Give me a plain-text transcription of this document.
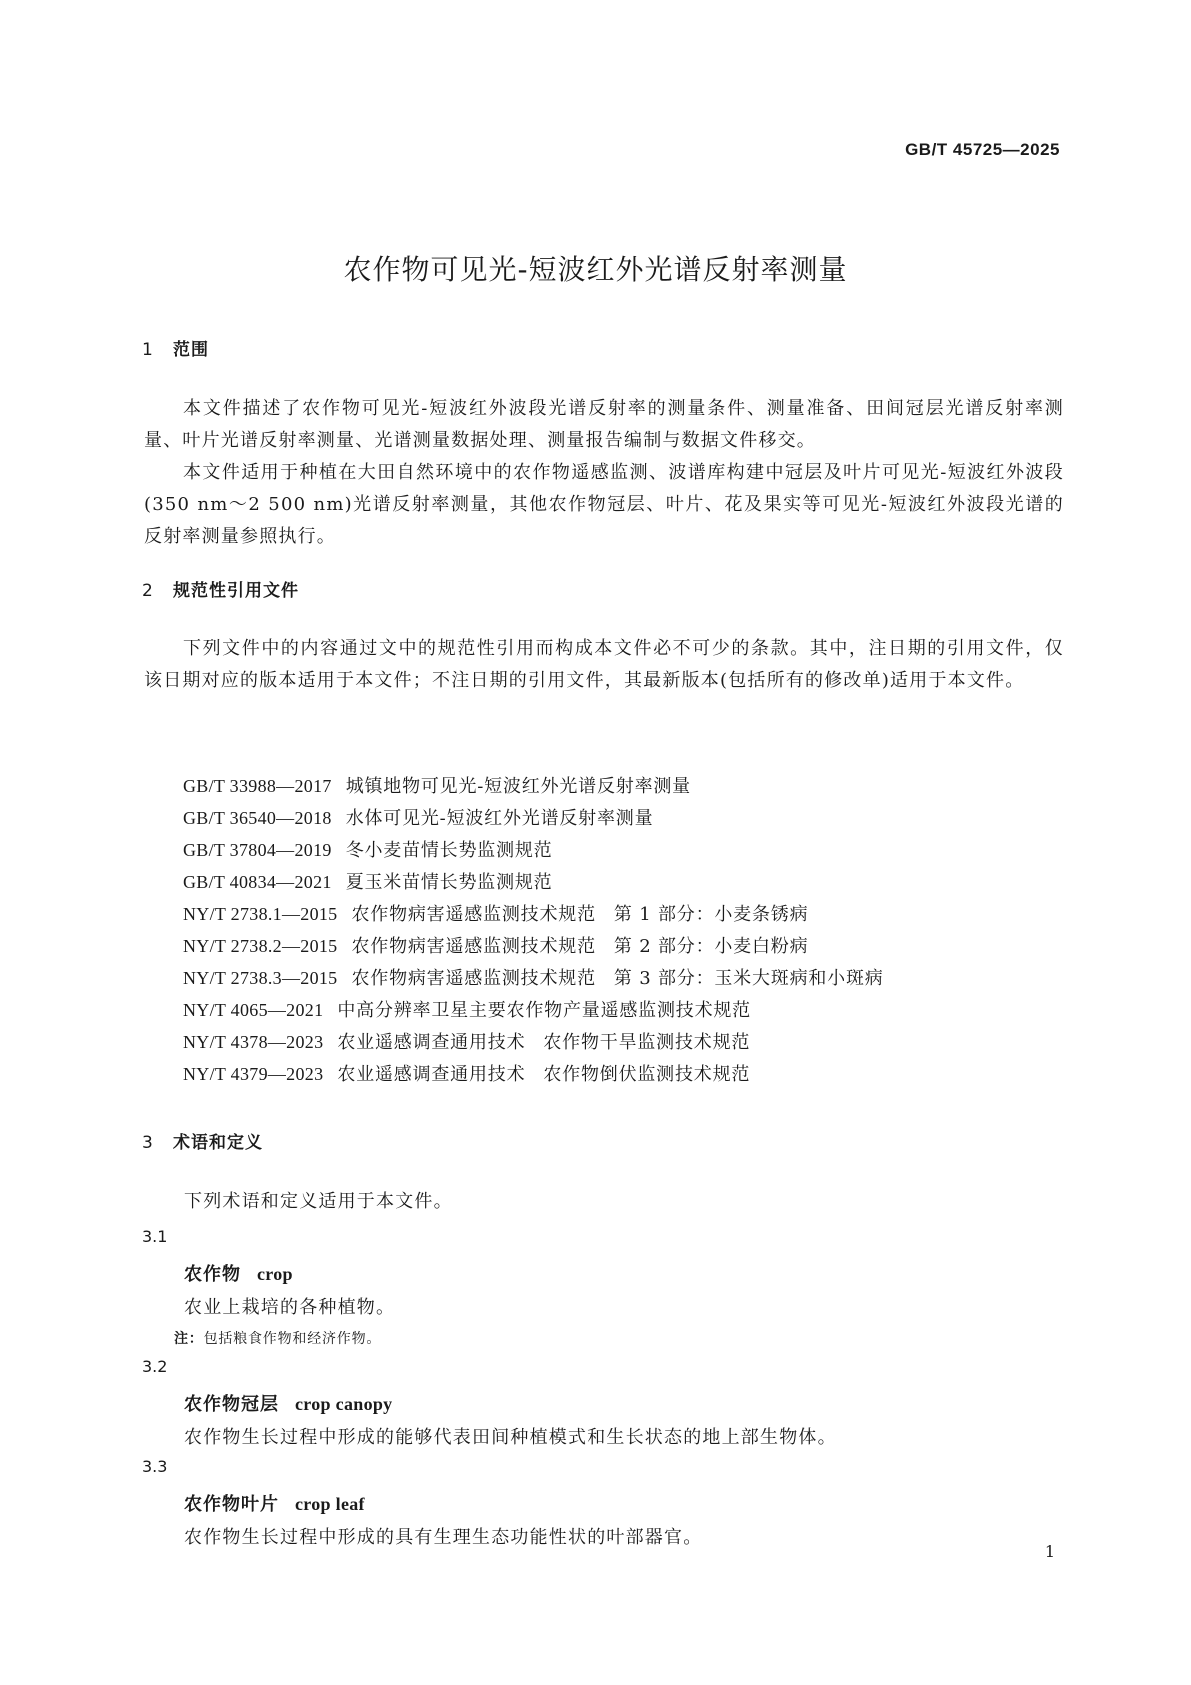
GB/T 45725—2025
农作物可见光-短波红外光谱反射率测量
1 范围
本文件描述了农作物可见光-短波红外波段光谱反射率的测量条件、测量准备、田间冠层光谱反射率测量、叶片光谱反射率测量、光谱测量数据处理、测量报告编制与数据文件移交。
本文件适用于种植在大田自然环境中的农作物遥感监测、波谱库构建中冠层及叶片可见光-短波红外波段(350 nm～2 500 nm)光谱反射率测量，其他农作物冠层、叶片、花及果实等可见光-短波红外波段光谱的反射率测量参照执行。
2 规范性引用文件
下列文件中的内容通过文中的规范性引用而构成本文件必不可少的条款。其中，注日期的引用文件，仅该日期对应的版本适用于本文件；不注日期的引用文件，其最新版本(包括所有的修改单)适用于本文件。
GB/T 33988—2017 城镇地物可见光-短波红外光谱反射率测量
GB/T 36540—2018 水体可见光-短波红外光谱反射率测量
GB/T 37804—2019 冬小麦苗情长势监测规范
GB/T 40834—2021 夏玉米苗情长势监测规范
NY/T 2738.1—2015 农作物病害遥感监测技术规范 第 1 部分：小麦条锈病
NY/T 2738.2—2015 农作物病害遥感监测技术规范 第 2 部分：小麦白粉病
NY/T 2738.3—2015 农作物病害遥感监测技术规范 第 3 部分：玉米大斑病和小斑病
NY/T 4065—2021 中高分辨率卫星主要农作物产量遥感监测技术规范
NY/T 4378—2023 农业遥感调查通用技术 农作物干旱监测技术规范
NY/T 4379—2023 农业遥感调查通用技术 农作物倒伏监测技术规范
3 术语和定义
下列术语和定义适用于本文件。
3.1
农作物 crop
农业上栽培的各种植物。
注：包括粮食作物和经济作物。
3.2
农作物冠层 crop canopy
农作物生长过程中形成的能够代表田间种植模式和生长状态的地上部生物体。
3.3
农作物叶片 crop leaf
农作物生长过程中形成的具有生理生态功能性状的叶部器官。
1
